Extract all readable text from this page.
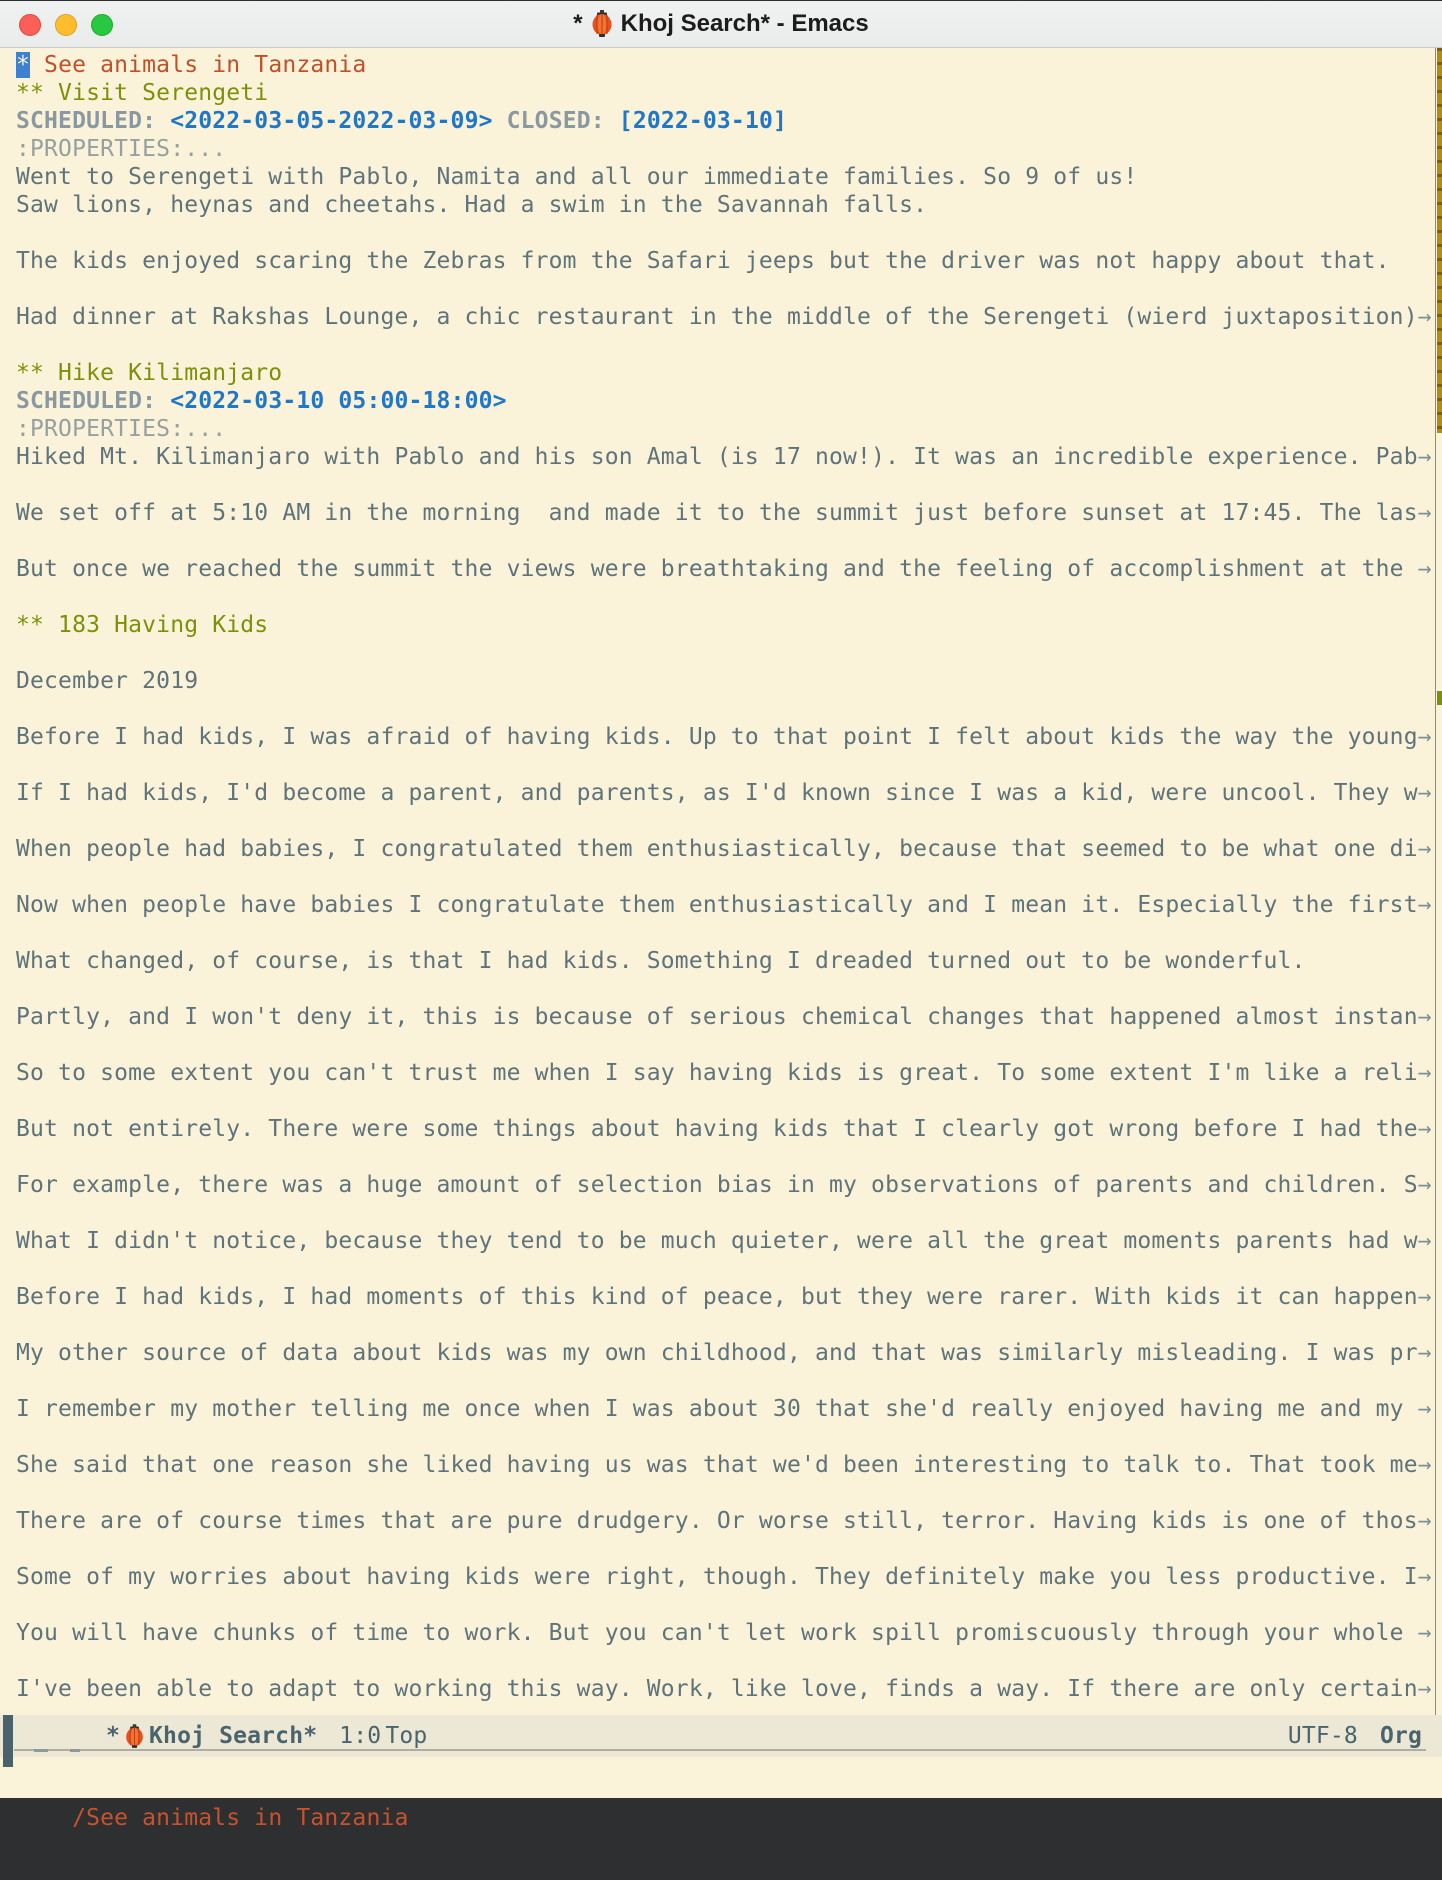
* Khoj Search* - Emacs
* See animals in Tanzania
** Visit Serengeti
SCHEDULED: <2022-03-05-2022-03-09> CLOSED: [2022-03-10]
:PROPERTIES:...
Went to Serengeti with Pablo, Namita and all our immediate families. So 9 of us!
Saw lions, heynas and cheetahs. Had a swim in the Savannah falls.

The kids enjoyed scaring the Zebras from the Safari jeeps but the driver was not happy about that.

Had dinner at Rakshas Lounge, a chic restaurant in the middle of the Serengeti (wierd juxtaposition)→

** Hike Kilimanjaro
SCHEDULED: <2022-03-10 05:00-18:00>
:PROPERTIES:...
Hiked Mt. Kilimanjaro with Pablo and his son Amal (is 17 now!). It was an incredible experience. Pab→

We set off at 5:10 AM in the morning  and made it to the summit just before sunset at 17:45. The las→

But once we reached the summit the views were breathtaking and the feeling of accomplishment at the →

** 183 Having Kids

December 2019

Before I had kids, I was afraid of having kids. Up to that point I felt about kids the way the young→

If I had kids, I'd become a parent, and parents, as I'd known since I was a kid, were uncool. They w→

When people had babies, I congratulated them enthusiastically, because that seemed to be what one di→

Now when people have babies I congratulate them enthusiastically and I mean it. Especially the first→

What changed, of course, is that I had kids. Something I dreaded turned out to be wonderful.

Partly, and I won't deny it, this is because of serious chemical changes that happened almost instan→

So to some extent you can't trust me when I say having kids is great. To some extent I'm like a reli→

But not entirely. There were some things about having kids that I clearly got wrong before I had the→

For example, there was a huge amount of selection bias in my observations of parents and children. S→

What I didn't notice, because they tend to be much quieter, were all the great moments parents had w→

Before I had kids, I had moments of this kind of peace, but they were rarer. With kids it can happen→

My other source of data about kids was my own childhood, and that was similarly misleading. I was pr→

I remember my mother telling me once when I was about 30 that she'd really enjoyed having me and my →

She said that one reason she liked having us was that we'd been interesting to talk to. That took me→

There are of course times that are pure drudgery. Or worse still, terror. Having kids is one of thos→

Some of my worries about having kids were right, though. They definitely make you less productive. I→

You will have chunks of time to work. But you can't let work spill promiscuously through your whole →

I've been able to adapt to working this way. Work, like love, finds a way. If there are only certain→
* Khoj Search* 1:0 Top	UTF-8 Org

/See animals in Tanzania
